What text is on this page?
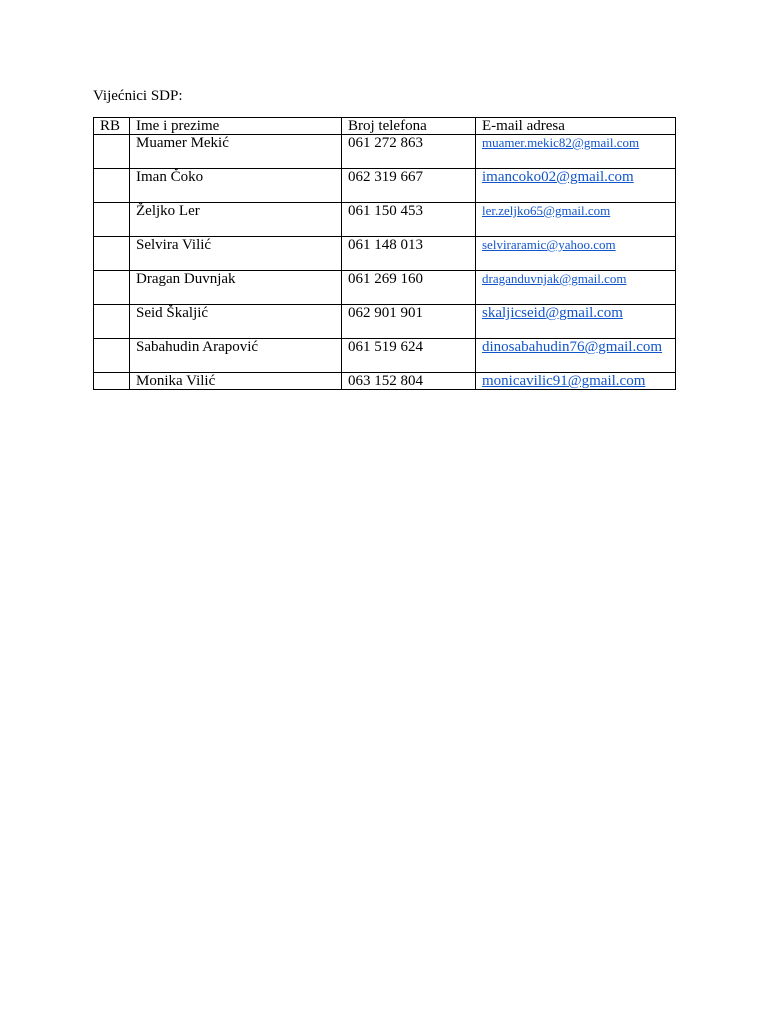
Vijećnici SDP:
RB	Ime i prezime	Broj telefona	E-mail adresa
	Muamer Mekić	061 272 863	muamer.mekic82@gmail.com
	Iman Čoko	062 319 667	imancoko02@gmail.com
	Željko Ler	061 150 453	ler.zeljko65@gmail.com
	Selvira Vilić	061 148 013	selviraramic@yahoo.com
	Dragan Duvnjak	061 269 160	draganduvnjak@gmail.com
	Seid Škaljić	062 901 901	skaljicseid@gmail.com
	Sabahudin Arapović	061 519 624	dinosabahudin76@gmail.com
	Monika Vilić	063 152 804	monicavilic91@gmail.com
